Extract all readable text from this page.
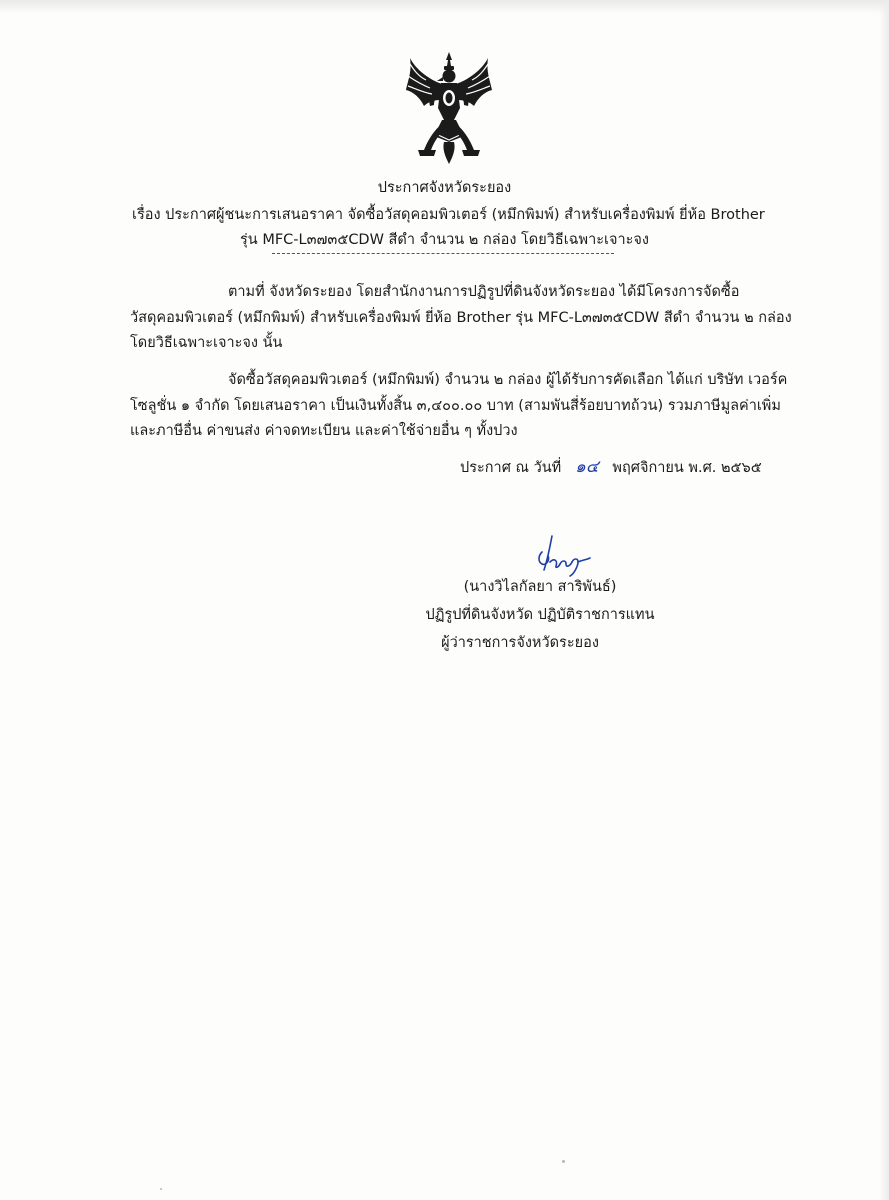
ประกาศจังหวัดระยอง
เรื่อง ประกาศผู้ชนะการเสนอราคา จัดซื้อวัสดุคอมพิวเตอร์ (หมึกพิมพ์) สำหรับเครื่องพิมพ์ ยี่ห้อ Brother
รุ่น MFC-L๓๗๓๕CDW สีดำ จำนวน ๒ กล่อง โดยวิธีเฉพาะเจาะจง
ตามที่ จังหวัดระยอง โดยสำนักงานการปฏิรูปที่ดินจังหวัดระยอง ได้มีโครงการจัดซื้อ
วัสดุคอมพิวเตอร์ (หมึกพิมพ์) สำหรับเครื่องพิมพ์ ยี่ห้อ Brother รุ่น MFC-L๓๗๓๕CDW สีดำ จำนวน ๒ กล่อง
โดยวิธีเฉพาะเจาะจง นั้น
จัดซื้อวัสดุคอมพิวเตอร์ (หมึกพิมพ์) จำนวน ๒ กล่อง ผู้ได้รับการคัดเลือก ได้แก่ บริษัท เวอร์ค
โซลูชั่น ๑ จำกัด โดยเสนอราคา เป็นเงินทั้งสิ้น ๓,๔๐๐.๐๐ บาท (สามพันสี่ร้อยบาทถ้วน) รวมภาษีมูลค่าเพิ่ม
และภาษีอื่น ค่าขนส่ง ค่าจดทะเบียน และค่าใช้จ่ายอื่น ๆ ทั้งปวง
ประกาศ ณ วันที่ ๑๔ พฤศจิกายน พ.ศ. ๒๕๖๕
(นางวิไลกัลยา สาริพันธ์)
ปฏิรูปที่ดินจังหวัด ปฏิบัติราชการแทน
ผู้ว่าราชการจังหวัดระยอง
